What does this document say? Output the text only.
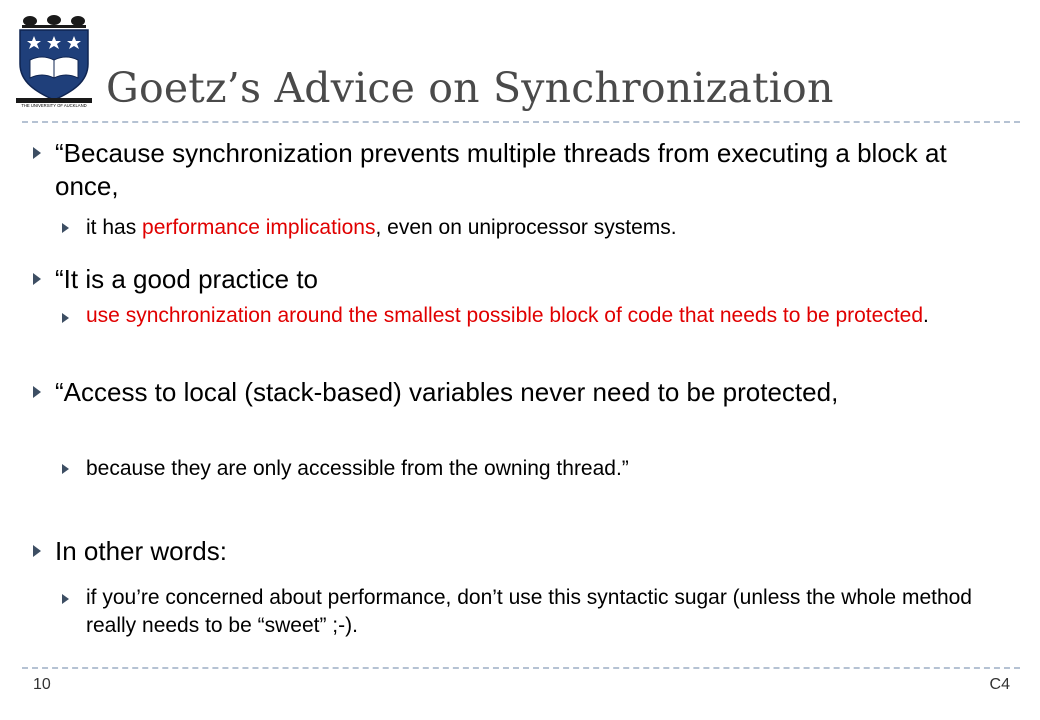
THE UNIVERSITY OF AUCKLAND Goetz’s Advice on Synchronization
“Because synchronization prevents multiple threads from executing a block at once,
it has performance implications, even on uniprocessor systems.
“It is a good practice to
use synchronization around the smallest possible block of code that needs to be protected.
“Access to local (stack-based) variables never need to be protected,
because they are only accessible from the owning thread.”
In other words:
if you’re concerned about performance, don’t use this syntactic sugar (unless the whole method really needs to be “sweet” ;-).
10	C4
